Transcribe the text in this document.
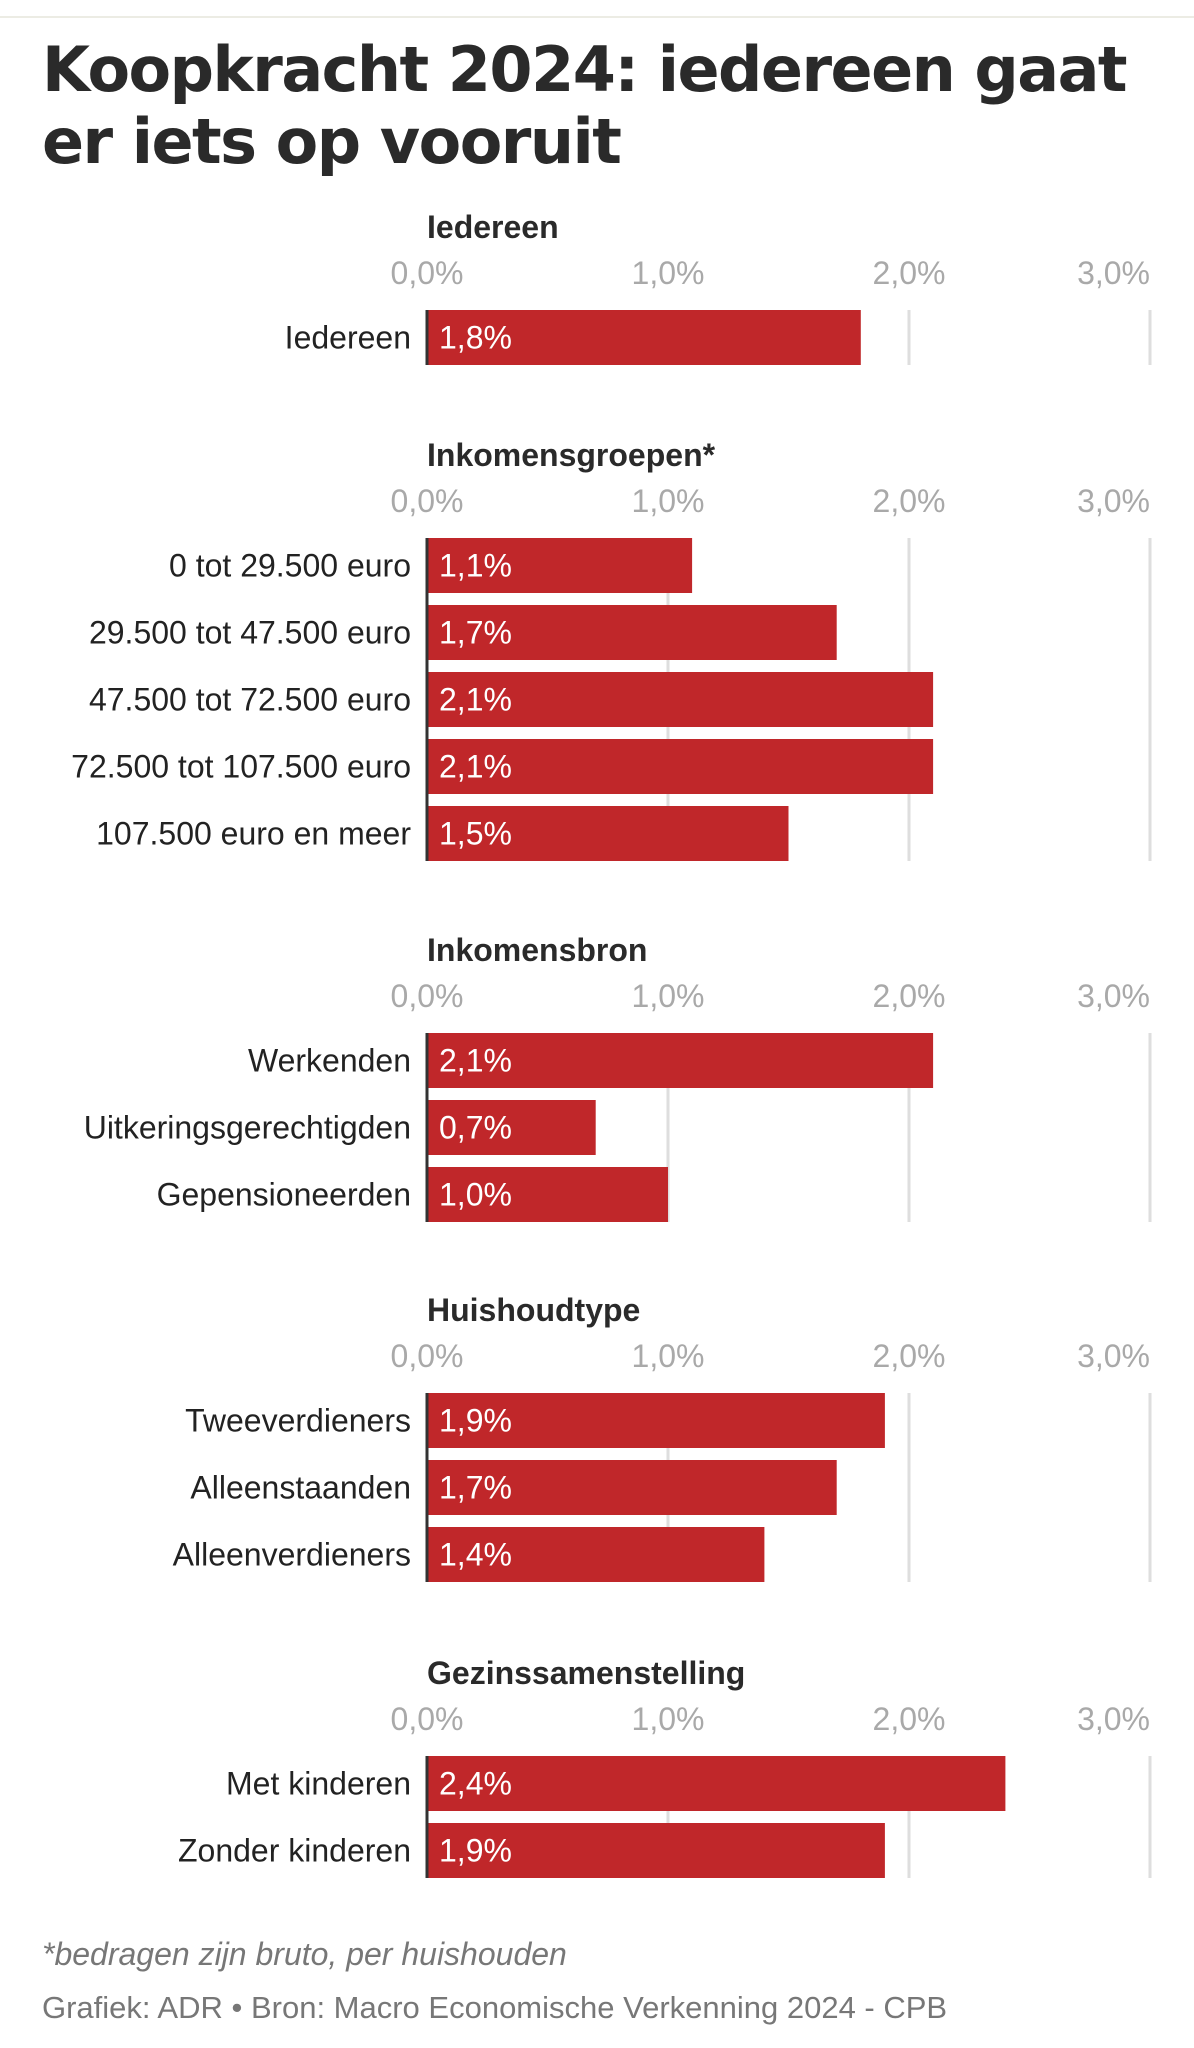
Koopkracht 2024: iedereen gaat er iets op vooruit
Iedereen
0,0%	1,0%	2,0%	3,0%
Iedereen 1,8%
Inkomensgroepen*
0,0%	1,0%	2,0%	3,0%
0 tot 29.500 euro 1,1%
29.500 tot 47.500 euro 1,7%
47.500 tot 72.500 euro 2,1%
72.500 tot 107.500 euro 2,1%
107.500 euro en meer 1,5%
Inkomensbron
0,0%	1,0%	2,0%	3,0%
Werkenden 2,1%
Uitkeringsgerechtigden 0,7%
Gepensioneerden 1,0%
Huishoudtype
0,0%	1,0%	2,0%	3,0%
Tweeverdieners 1,9%
Alleenstaanden 1,7%
Alleenverdieners 1,4%
Gezinssamenstelling
0,0%	1,0%	2,0%	3,0%
Met kinderen 2,4%
Zonder kinderen 1,9%
*bedragen zijn bruto, per huishouden
Grafiek: ADR • Bron: Macro Economische Verkenning 2024 - CPB
